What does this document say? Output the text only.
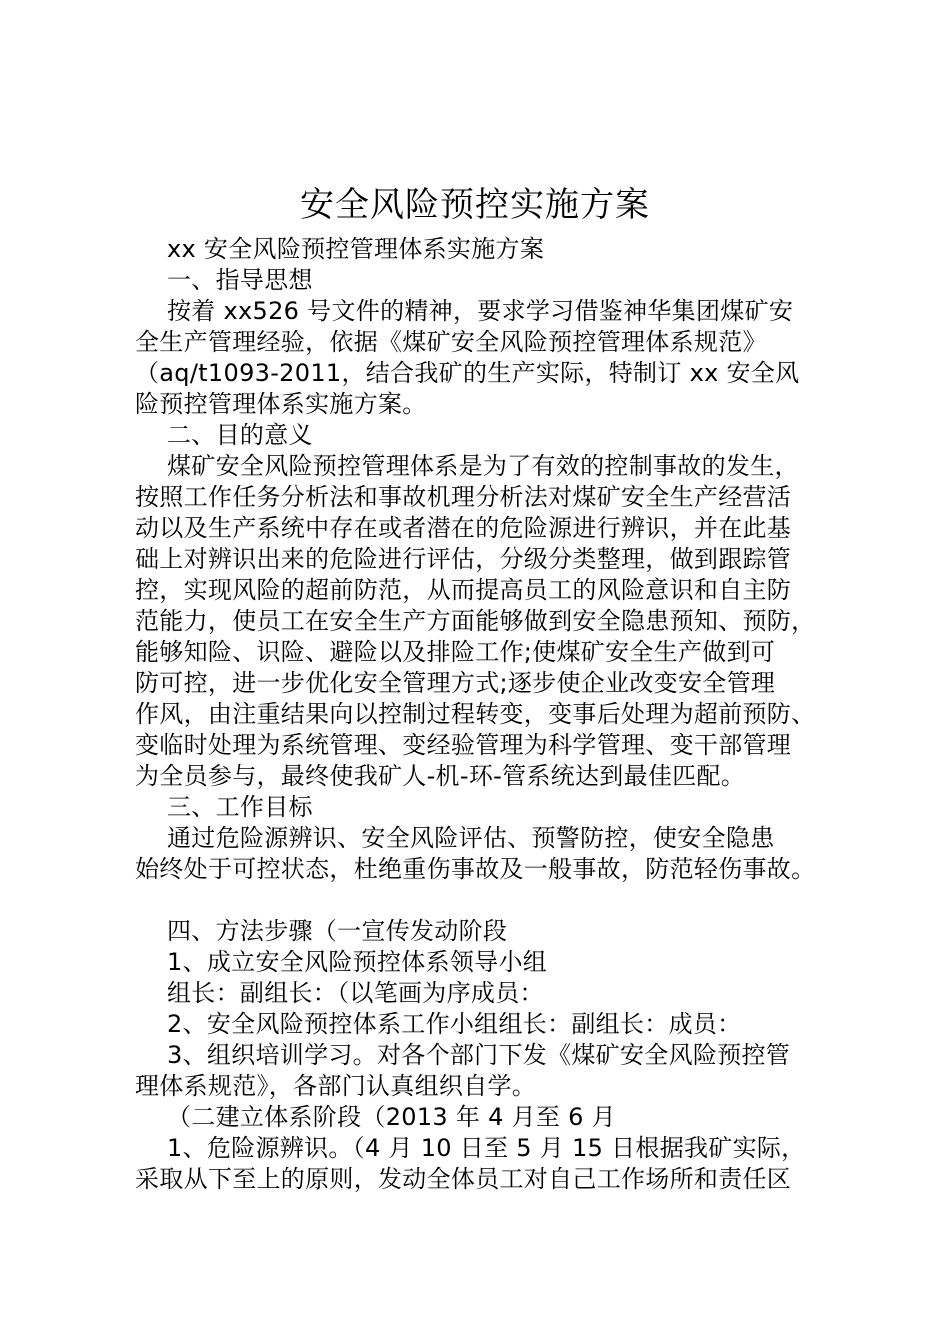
安全风险预控实施方案
xx 安全风险预控管理体系实施方案
一、指导思想
按着 xx526 号文件的精神，要求学习借鉴神华集团煤矿安
全生产管理经验，依据《煤矿安全风险预控管理体系规范》
（aq/t1093-2011，结合我矿的生产实际，特制订 xx 安全风
险预控管理体系实施方案。
二、目的意义
煤矿安全风险预控管理体系是为了有效的控制事故的发生，
按照工作任务分析法和事故机理分析法对煤矿安全生产经营活
动以及生产系统中存在或者潜在的危险源进行辨识，并在此基
础上对辨识出来的危险进行评估，分级分类整理，做到跟踪管
控，实现风险的超前防范，从而提高员工的风险意识和自主防
范能力，使员工在安全生产方面能够做到安全隐患预知、预防，
能够知险、识险、避险以及排险工作;使煤矿安全生产做到可
防可控，进一步优化安全管理方式;逐步使企业改变安全管理
作风，由注重结果向以控制过程转变，变事后处理为超前预防、
变临时处理为系统管理、变经验管理为科学管理、变干部管理
为全员参与，最终使我矿人-机-环-管系统达到最佳匹配。
三、工作目标
通过危险源辨识、安全风险评估、预警防控，使安全隐患
始终处于可控状态，杜绝重伤事故及一般事故，防范轻伤事故。
四、方法步骤（一宣传发动阶段
1、成立安全风险预控体系领导小组
组长：副组长：（以笔画为序成员：
2、安全风险预控体系工作小组组长：副组长：成员：
3、组织培训学习。对各个部门下发《煤矿安全风险预控管
理体系规范》，各部门认真组织自学。
（二建立体系阶段（2013 年 4 月至 6 月
1、危险源辨识。（4 月 10 日至 5 月 15 日根据我矿实际，
采取从下至上的原则，发动全体员工对自己工作场所和责任区
